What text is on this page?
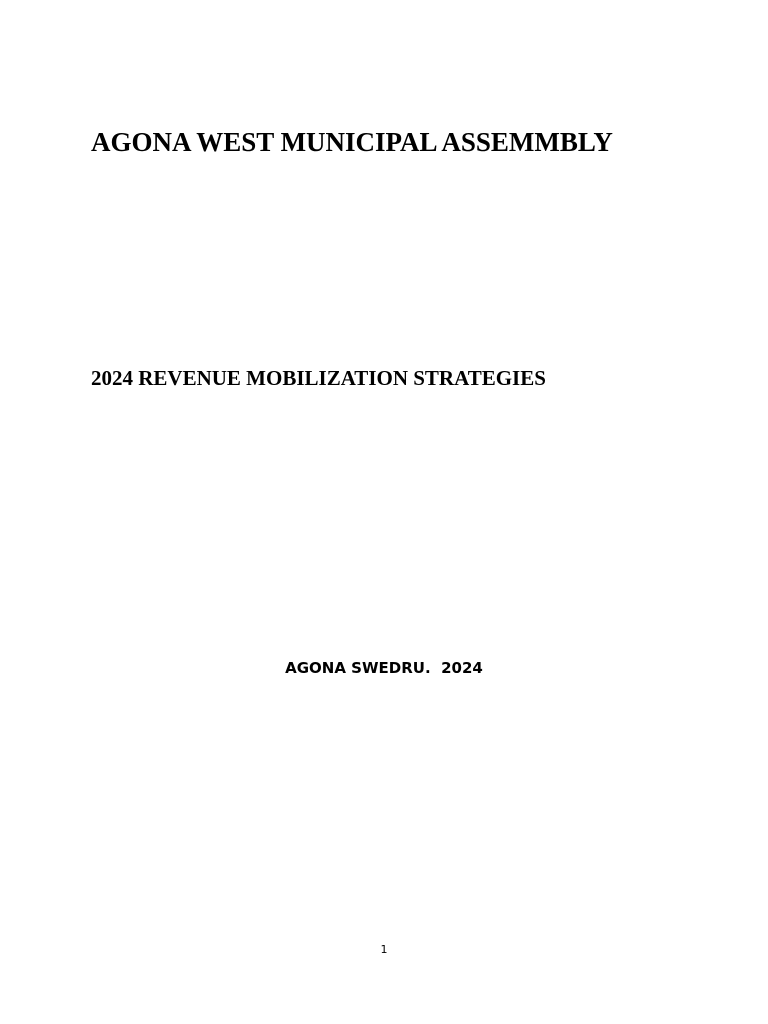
AGONA WEST MUNICIPAL ASSEMMBLY
2024 REVENUE MOBILIZATION STRATEGIES

AGONA SWEDRU.  2024

1
